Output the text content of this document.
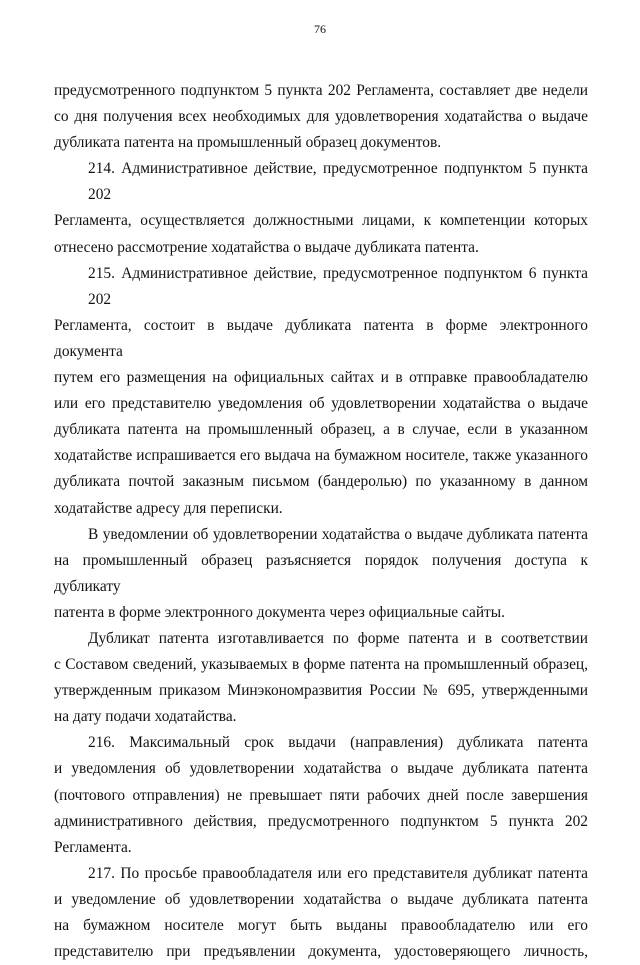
76

предусмотренного подпунктом 5 пункта 202 Регламента, составляет две недели
со дня получения всех необходимых для удовлетворения ходатайства о выдаче
дубликата патента на промышленный образец документов.

214. Административное действие, предусмотренное подпунктом 5 пункта 202
Регламента, осуществляется должностными лицами, к компетенции которых
отнесено рассмотрение ходатайства о выдаче дубликата патента.

215. Административное действие, предусмотренное подпунктом 6 пункта 202
Регламента, состоит в выдаче дубликата патента в форме электронного документа
путем его размещения на официальных сайтах и в отправке правообладателю
или его представителю уведомления об удовлетворении ходатайства о выдаче
дубликата патента на промышленный образец, а в случае, если в указанном
ходатайстве испрашивается его выдача на бумажном носителе, также указанного
дубликата почтой заказным письмом (бандеролью) по указанному в данном
ходатайстве адресу для переписки.

В уведомлении об удовлетворении ходатайства о выдаче дубликата патента
на промышленный образец разъясняется порядок получения доступа к дубликату
патента в форме электронного документа через официальные сайты.

Дубликат патента изготавливается по форме патента и в соответствии
с Составом сведений, указываемых в форме патента на промышленный образец,
утвержденным приказом Минэкономразвития России № 695, утвержденными
на дату подачи ходатайства.

216. Максимальный срок выдачи (направления) дубликата патента
и уведомления об удовлетворении ходатайства о выдаче дубликата патента
(почтового отправления) не превышает пяти рабочих дней после завершения
административного действия, предусмотренного подпунктом 5 пункта 202
Регламента.

217. По просьбе правообладателя или его представителя дубликат патента
и уведомление об удовлетворении ходатайства о выдаче дубликата патента
на бумажном носителе могут быть выданы правообладателю или его
представителю при предъявлении документа, удостоверяющего личность,
